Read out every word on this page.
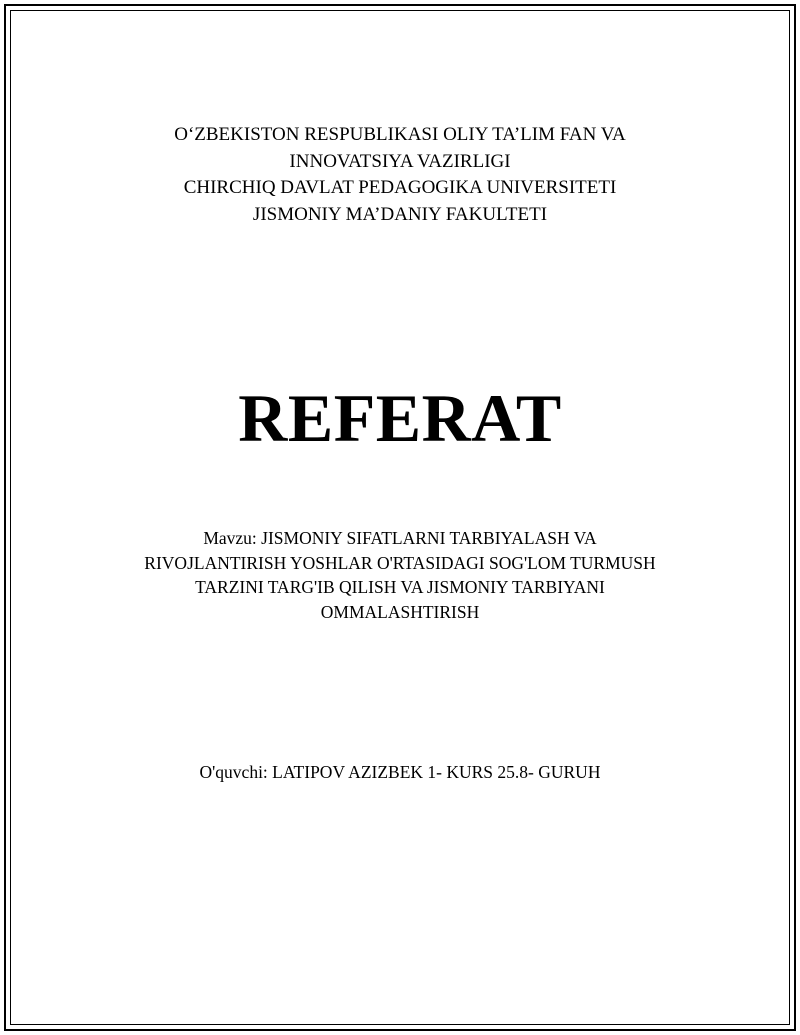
O‘ZBEKISTON RESPUBLIKASI OLIY TA’LIM FAN VA
INNOVATSIYA VAZIRLIGI
CHIRCHIQ DAVLAT PEDAGOGIKA UNIVERSITETI
JISMONIY MA’DANIY FAKULTETI
REFERAT
Mavzu: JISMONIY SIFATLARNI TARBIYALASH VA
RIVOJLANTIRISH YOSHLAR O'RTASIDAGI SOG'LOM TURMUSH
TARZINI TARG'IB QILISH VA JISMONIY TARBIYANI
OMMALASHTIRISH
O'quvchi: LATIPOV AZIZBEK 1- KURS 25.8- GURUH
